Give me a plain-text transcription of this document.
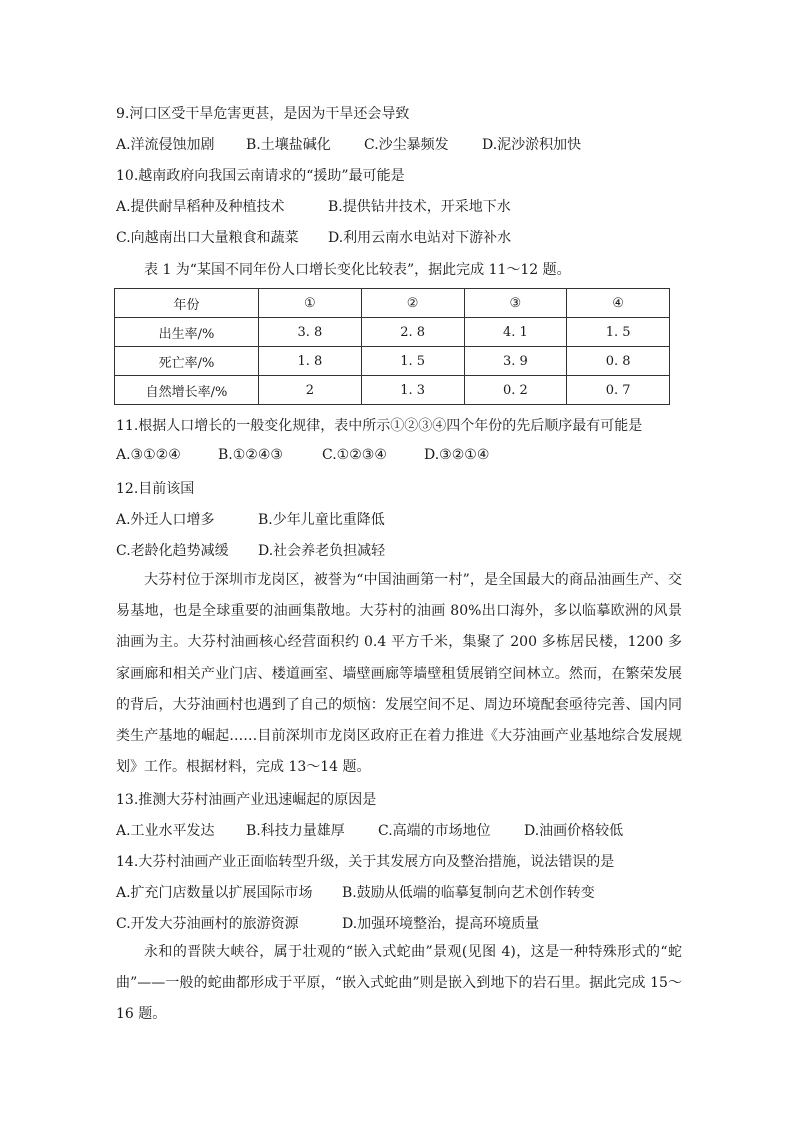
9.河口区受干旱危害更甚，是因为干旱还会导致
A.洋流侵蚀加剧 B.土壤盐碱化 C.沙尘暴频发 D.泥沙淤积加快
10.越南政府向我国云南请求的“援助”最可能是
A.提供耐旱稻种及种植技术	B.提供钻井技术，开采地下水
C.向越南出口大量粮食和蔬菜 D.利用云南水电站对下游补水
表 1 为“某国不同年份人口增长变化比较表”，据此完成 11～12 题。
年份	①	②	③	④
出生率/%	3. 8	2. 8	4. 1	1. 5
死亡率/%	1. 8	1. 5	3. 9	0. 8
自然增长率/%	2	1. 3	0. 2	0. 7
11.根据人口增长的一般变化规律，表中所示①②③④四个年份的先后顺序最有可能是
A.③①②④	B.①②④③	C.①②③④	D.③②①④
12.目前该国
A.外迁人口增多	B.少年儿童比重降低
C.老龄化趋势减缓 D.社会养老负担减轻
大芬村位于深圳市龙岗区，被誉为“中国油画第一村”，是全国最大的商品油画生产、交易基地，也是全球重要的油画集散地。大芬村的油画 80%出口海外，多以临摹欧洲的风景油画为主。大芬村油画核心经营面积约 0.4 平方千米，集聚了 200 多栋居民楼，1200 多家画廊和相关产业门店、楼道画室、墙壁画廊等墙壁租赁展销空间林立。然而，在繁荣发展的背后，大芬油画村也遇到了自己的烦恼：发展空间不足、周边环境配套亟待完善、国内同类生产基地的崛起……目前深圳市龙岗区政府正在着力推进《大芬油画产业基地综合发展规划》工作。根据材料，完成 13～14 题。
13.推测大芬村油画产业迅速崛起的原因是
A.工业水平发达 B.科技力量雄厚 C.高端的市场地位 D.油画价格较低
14.大芬村油画产业正面临转型升级，关于其发展方向及整治措施，说法错误的是
A.扩充门店数量以扩展国际市场 B.鼓励从低端的临摹复制向艺术创作转变
C.开发大芬油画村的旅游资源	D.加强环境整治，提高环境质量
永和的晋陕大峡谷，属于壮观的“嵌入式蛇曲”景观(见图 4)，这是一种特殊形式的“蛇曲”——一般的蛇曲都形成于平原，“嵌入式蛇曲”则是嵌入到地下的岩石里。据此完成 15～16 题。
